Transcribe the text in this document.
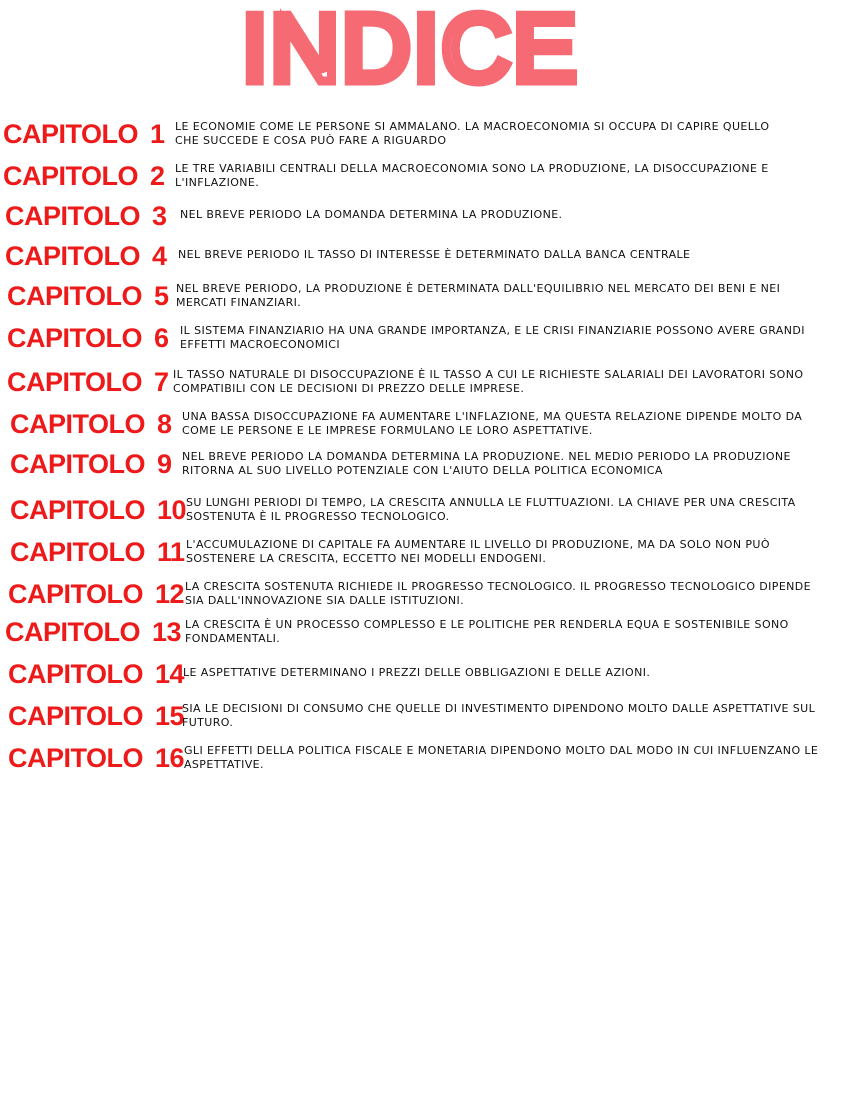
INDICE
CAPITOLO 1 LE ECONOMIE COME LE PERSONE SI AMMALANO. LA MACROECONOMIA SI OCCUPA DI CAPIRE QUELLO CHE SUCCEDE E COSA PUÒ FARE A RIGUARDO
CAPITOLO 2 LE TRE VARIABILI CENTRALI DELLA MACROECONOMIA SONO LA PRODUZIONE, LA DISOCCUPAZIONE E L'INFLAZIONE.
CAPITOLO 3 NEL BREVE PERIODO LA DOMANDA DETERMINA LA PRODUZIONE.
CAPITOLO 4 NEL BREVE PERIODO IL TASSO DI INTERESSE È DETERMINATO DALLA BANCA CENTRALE
CAPITOLO 5 NEL BREVE PERIODO, LA PRODUZIONE È DETERMINATA DALL'EQUILIBRIO NEL MERCATO DEI BENI E NEI MERCATI FINANZIARI.
CAPITOLO 6 IL SISTEMA FINANZIARIO HA UNA GRANDE IMPORTANZA, E LE CRISI FINANZIARIE POSSONO AVERE GRANDI EFFETTI MACROECONOMICI
CAPITOLO 7 IL TASSO NATURALE DI DISOCCUPAZIONE È IL TASSO A CUI LE RICHIESTE SALARIALI DEI LAVORATORI SONO COMPATIBILI CON LE DECISIONI DI PREZZO DELLE IMPRESE.
CAPITOLO 8 UNA BASSA DISOCCUPAZIONE FA AUMENTARE L'INFLAZIONE, MA QUESTA RELAZIONE DIPENDE MOLTO DA COME LE PERSONE E LE IMPRESE FORMULANO LE LORO ASPETTATIVE.
CAPITOLO 9 NEL BREVE PERIODO LA DOMANDA DETERMINA LA PRODUZIONE. NEL MEDIO PERIODO LA PRODUZIONE RITORNA AL SUO LIVELLO POTENZIALE CON L'AIUTO DELLA POLITICA ECONOMICA
CAPITOLO 10 SU LUNGHI PERIODI DI TEMPO, LA CRESCITA ANNULLA LE FLUTTUAZIONI. LA CHIAVE PER UNA CRESCITA SOSTENUTA È IL PROGRESSO TECNOLOGICO.
CAPITOLO 11 L'ACCUMULAZIONE DI CAPITALE FA AUMENTARE IL LIVELLO DI PRODUZIONE, MA DA SOLO NON PUÒ SOSTENERE LA CRESCITA, ECCETTO NEI MODELLI ENDOGENI.
CAPITOLO 12 LA CRESCITA SOSTENUTA RICHIEDE IL PROGRESSO TECNOLOGICO. IL PROGRESSO TECNOLOGICO DIPENDE SIA DALL'INNOVAZIONE SIA DALLE ISTITUZIONI.
CAPITOLO 13 LA CRESCITA È UN PROCESSO COMPLESSO E LE POLITICHE PER RENDERLA EQUA E SOSTENIBILE SONO FONDAMENTALI.
CAPITOLO 14
LE ASPETTATIVE DETERMINANO I PREZZI DELLE OBBLIGAZIONI E DELLE AZIONI.
CAPITOLO 15
SIA LE DECISIONI DI CONSUMO CHE QUELLE DI INVESTIMENTO DIPENDONO MOLTO DALLE ASPETTATIVE SUL FUTURO.
CAPITOLO 16 GLI EFFETTI DELLA POLITICA FISCALE E MONETARIA DIPENDONO MOLTO DAL MODO IN CUI INFLUENZANO LE ASPETTATIVE.
